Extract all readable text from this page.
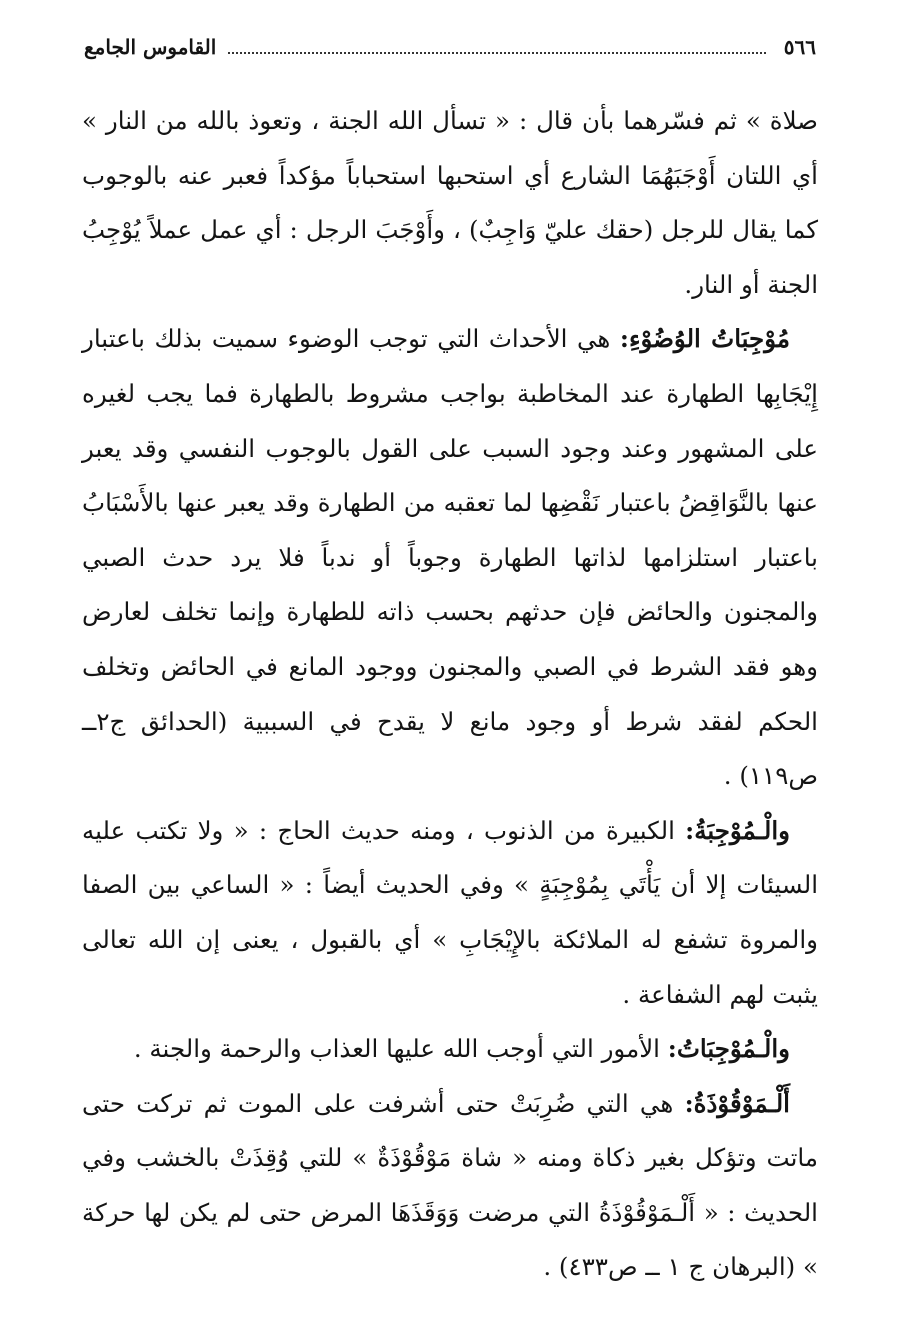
٥٦٦
القاموس الجامع

صلاة » ثم فسّرهما بأن قال : « تسأل الله الجنة ، وتعوذ بالله من النار » أي اللتان أَوْجَبَهُمَا الشارع أي استحبها استحباباً مؤكداً فعبر عنه بالوجوب كما يقال للرجل (حقك عليّ وَاجِبٌ) ، وأَوْجَبَ الرجل : أي عمل عملاً يُوْجِبُ الجنة أو النار.

مُوْجِبَاتُ الوُضُوْءِ: هي الأحداث التي توجب الوضوء سميت بذلك باعتبار إِيْجَابِها الطهارة عند المخاطبة بواجب مشروط بالطهارة فما يجب لغيره على المشهور وعند وجود السبب على القول بالوجوب النفسي وقد يعبر عنها بالنَّوَاقِضُ باعتبار نَقْضِها لما تعقبه من الطهارة وقد يعبر عنها بالأَسْبَابُ باعتبار استلزامها لذاتها الطهارة وجوباً أو ندباً فلا يرد حدث الصبي والمجنون والحائض فإن حدثهم بحسب ذاته للطهارة وإنما تخلف لعارض وهو فقد الشرط في الصبي والمجنون ووجود المانع في الحائض وتخلف الحكم لفقد شرط أو وجود مانع لا يقدح في السببية (الحدائق ج٢ــ ص١١٩) .

والْـمُوْجِبَةُ: الكبيرة من الذنوب ، ومنه حديث الحاج : « ولا تكتب عليه السيئات إلا أن يَأْتَي بِمُوْجِبَةٍ » وفي الحديث أيضاً : « الساعي بين الصفا والمروة تشفع له الملائكة بالإِيْجَابِ » أي بالقبول ، يعنى إن الله تعالى يثبت لهم الشفاعة .

والْـمُوْجِبَاتُ: الأمور التي أوجب الله عليها العذاب والرحمة والجنة .

أَلْـمَوْقُوْذَةُ: هي التي ضُرِبَتْ حتى أشرفت على الموت ثم تركت حتى ماتت وتؤكل بغير ذكاة ومنه « شاة مَوْقُوْذَةٌ » للتي وُقِذَتْ بالخشب وفي الحديث : « أَلْـمَوْقُوْذَةُ التي مرضت وَوَقَذَهَا المرض حتى لم يكن لها حركة » (البرهان ج ١ ــ ص٤٣٣) .
